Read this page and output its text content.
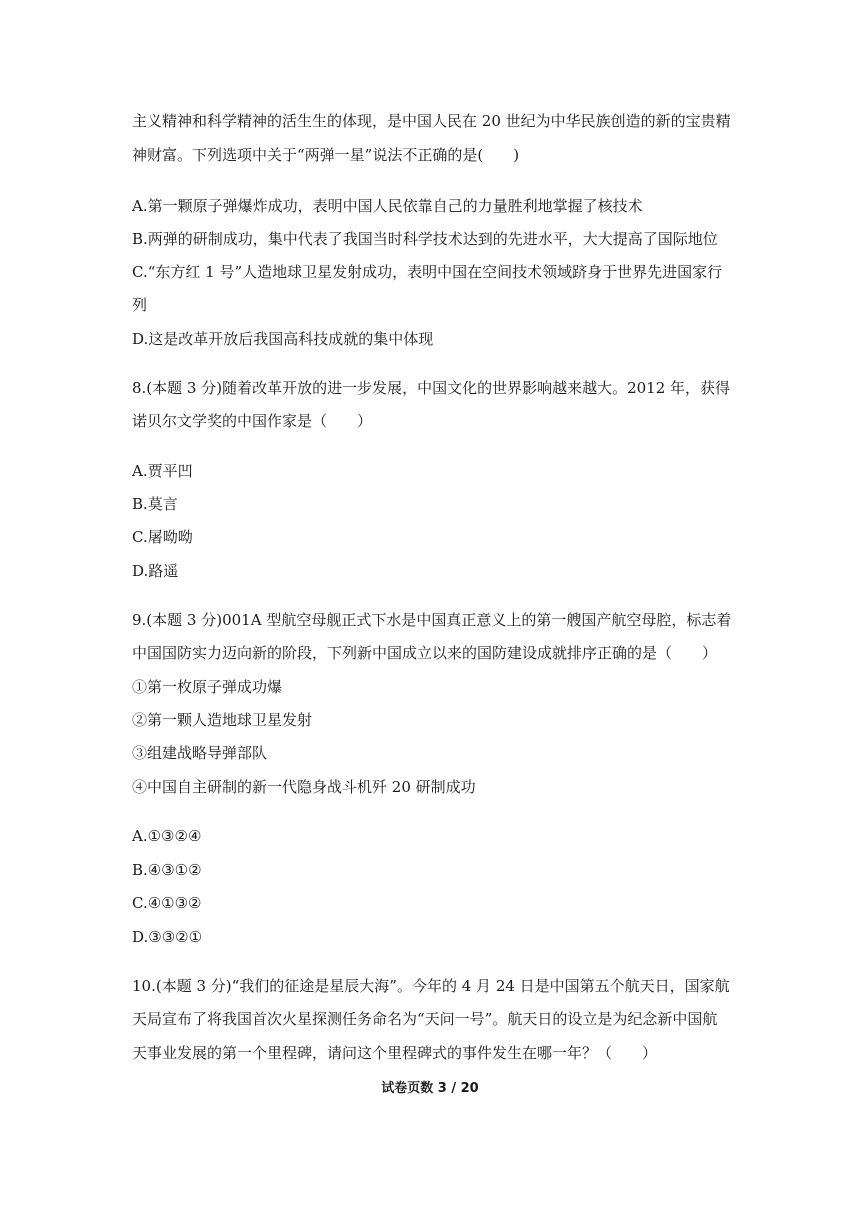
主义精神和科学精神的活生生的体现，是中国人民在 20 世纪为中华民族创造的新的宝贵精
神财富。下列选项中关于“两弹一星”说法不正确的是(　　)
A.第一颗原子弹爆炸成功，表明中国人民依靠自己的力量胜利地掌握了核技术
B.两弹的研制成功，集中代表了我国当时科学技术达到的先进水平，大大提高了国际地位
C.“东方红 1 号”人造地球卫星发射成功，表明中国在空间技术领域跻身于世界先进国家行
列
D.这是改革开放后我国高科技成就的集中体现
8.(本题 3 分)随着改革开放的进一步发展，中国文化的世界影响越来越大。2012 年，获得
诺贝尔文学奖的中国作家是（　　）
A.贾平凹
B.莫言
C.屠呦呦
D.路遥
9.(本题 3 分)001A 型航空母舰正式下水是中国真正意义上的第一艘国产航空母腔，标志着
中国国防实力迈向新的阶段，下列新中国成立以来的国防建设成就排序正确的是（　　）
①第一枚原子弹成功爆
②第一颗人造地球卫星发射
③组建战略导弹部队
④中国自主研制的新一代隐身战斗机歼 20 研制成功
A.①③②④
B.④③①②
C.④①③②
D.③③②①
10.(本题 3 分)“我们的征途是星辰大海”。今年的 4 月 24 日是中国第五个航天日，国家航
天局宣布了将我国首次火星探测任务命名为“天问一号”。航天日的设立是为纪念新中国航
天事业发展的第一个里程碑，请问这个里程碑式的事件发生在哪一年？（　　）
试卷页数 3 / 20
